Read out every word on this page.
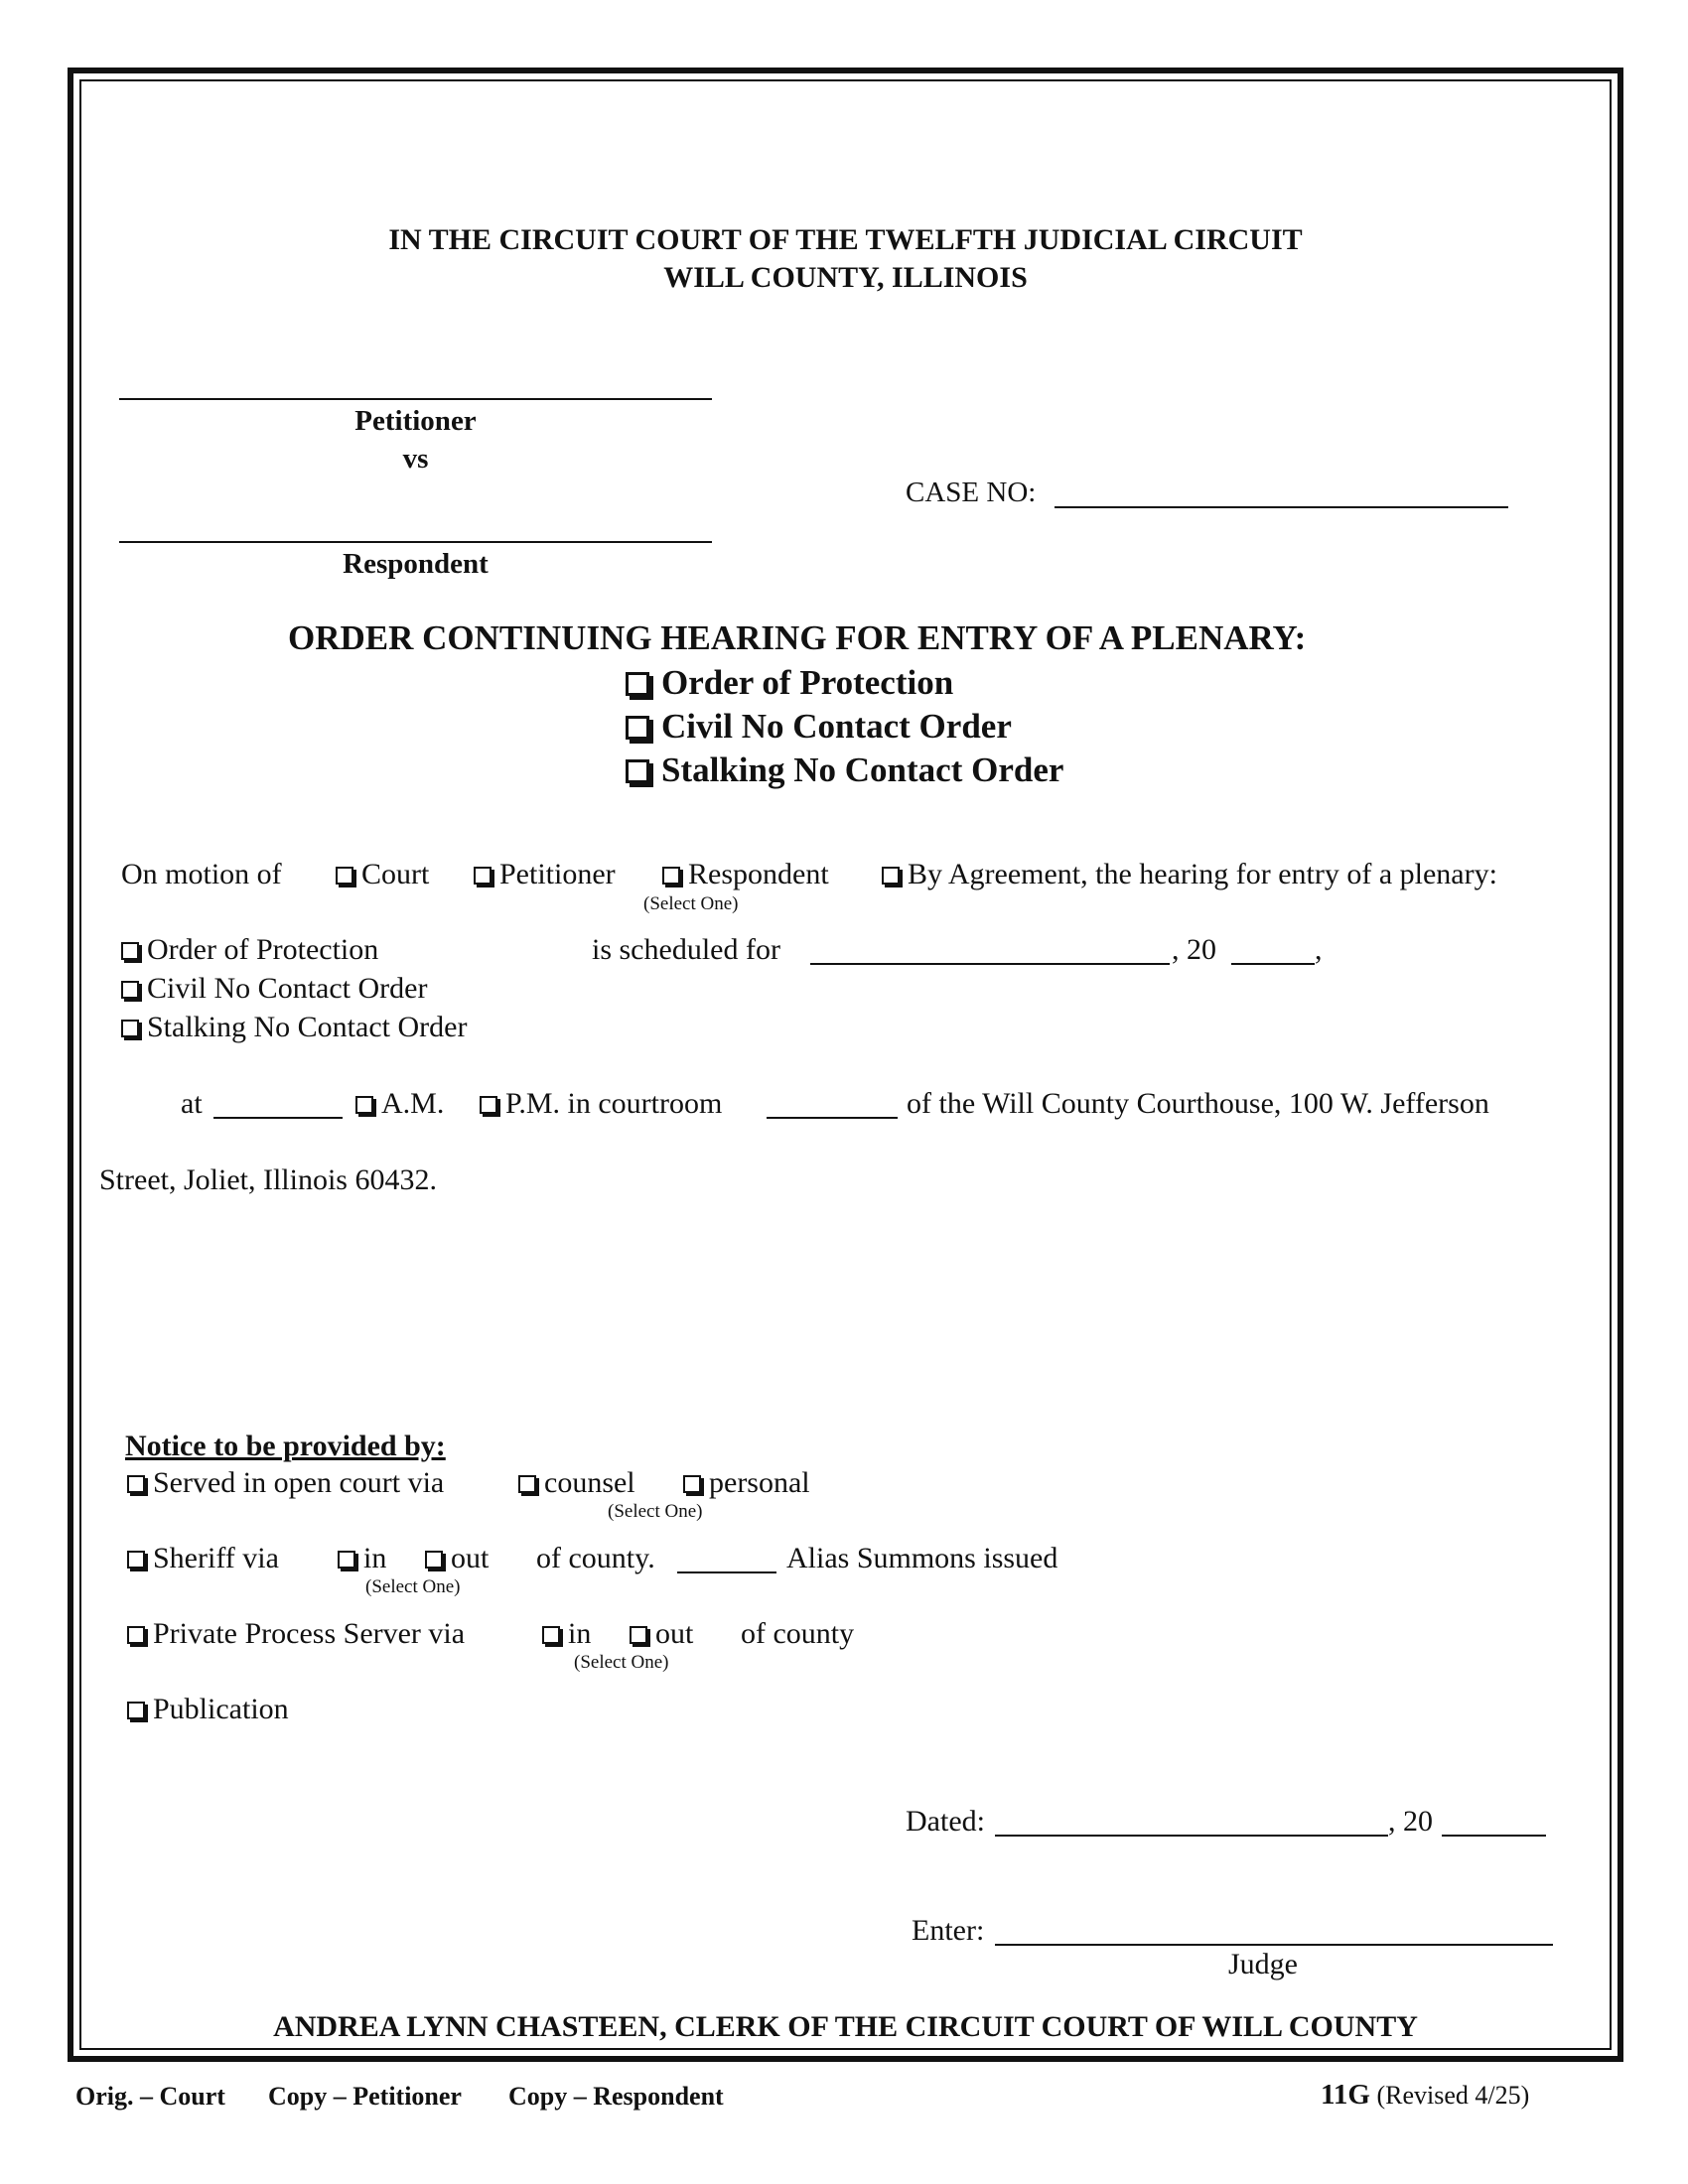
IN THE CIRCUIT COURT OF THE TWELFTH JUDICIAL CIRCUIT
WILL COUNTY, ILLINOIS
Petitioner
vs
Respondent
CASE NO:
ORDER CONTINUING HEARING FOR ENTRY OF A PLENARY:
Order of Protection
Civil No Contact Order
Stalking No Contact Order
On motion of	Court	Petitioner	Respondent	By Agreement, the hearing for entry of a plenary:
(Select One)
Order of Protection
Civil No Contact Order
Stalking No Contact Order
is scheduled for	, 20	,
at	A.M.	P.M. in courtroom	of the Will County Courthouse, 100 W. Jefferson
Street, Joliet, Illinois 60432.
Notice to be provided by:
Served in open court via	counsel	personal
(Select One)
Sheriff via	in	out of county.	Alias Summons issued
(Select One)
Private Process Server via	in	out of county
(Select One)
Publication
Dated:	, 20
Enter:
Judge
ANDREA LYNN CHASTEEN, CLERK OF THE CIRCUIT COURT OF WILL COUNTY
Orig. – Court Copy – Petitioner Copy – Respondent	11G (Revised 4/25)
